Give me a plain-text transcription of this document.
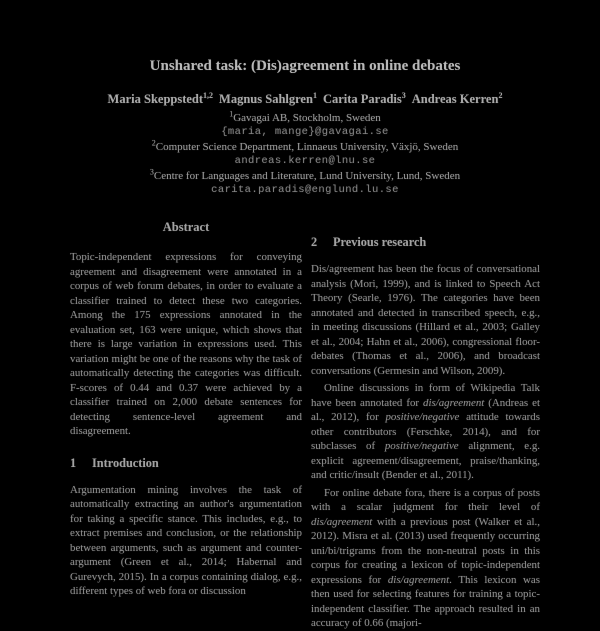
Unshared task: (Dis)agreement in online debates
Maria Skeppstedt$^{1,2}$ Magnus Sahlgren$^1$ Carita Paradis$^3$ Andreas Kerren$^2$
$^1$Gavagai AB, Stockholm, Sweden
{maria, mange}@gavagai.se
$^2$Computer Science Department, Linnaeus University, Växjö, Sweden
andreas.kerren@lnu.se
$^3$Centre for Languages and Literature, Lund University, Lund, Sweden
carita.paradis@englund.lu.se
Abstract

Topic-independent expressions for conveying agreement and disagreement were annotated in a corpus of web forum debates, in order to evaluate a classifier trained to detect these two categories. Among the 175 expressions annotated in the evaluation set, 163 were unique, which shows that there is large variation in expressions used. This variation might be one of the reasons why the task of automatically detecting the categories was difficult. F-scores of 0.44 and 0.37 were achieved by a classifier trained on 2,000 debate sentences for detecting sentence-level agreement and disagreement.

1 Introduction

Argumentation mining involves the task of automatically extracting an author's argumentation for taking a specific stance. This includes, e.g., to extract premises and conclusion, or the relationship between arguments, such as argument and counter-argument (Green et al., 2014; Habernal and Gurevych, 2015). In a corpus containing dialog, e.g., different types of web fora or discussion

2 Previous research

Dis/agreement has been the focus of conversational analysis (Mori, 1999), and is linked to Speech Act Theory (Searle, 1976). The categories have been annotated and detected in transcribed speech, e.g., in meeting discussions (Hillard et al., 2003; Galley et al., 2004; Hahn et al., 2006), congressional floor-debates (Thomas et al., 2006), and broadcast conversations (Germesin and Wilson, 2009).

Online discussions in form of Wikipedia Talk have been annotated for dis/agreement (Andreas et al., 2012), for positive/negative attitude towards other contributors (Ferschke, 2014), and for subclasses of positive/negative alignment, e.g. explicit agreement/disagreement, praise/thanking, and critic/insult (Bender et al., 2011).

For online debate fora, there is a corpus of posts with a scalar judgment for their level of dis/agreement with a previous post (Walker et al., 2012). Misra et al. (2013) used frequently occurring uni/bi/trigrams from the non-neutral posts in this corpus for creating a lexicon of topic-independent expressions for dis/agreement. This lexicon was then used for selecting features for training a topic-independent classifier. The approach resulted in an accuracy of 0.66 (majori-
